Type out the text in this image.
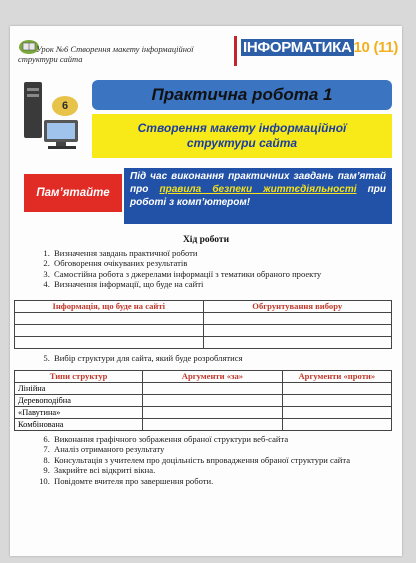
Урок №6 Створення макету інформаційної
структури сайта
ІНФОРМАТИКА 10 (11)
6
Практична робота 1
Створення макету інформаційної структури сайта
Пам’ятайте
Під час виконання практичних завдань пам’ятай про правила безпеки життєдіяльності при роботі з комп’ютером!
Хід роботи
1. Визначення завдань практичної роботи
2. Обговорення очікуваних результатів
3. Самостійна робота з джерелами інформації з тематики обраного проекту
4. Визначення інформації, що буде на сайті
Інформація, що буде на сайті	Обгрунтування вибору

5. Вибір структури для сайта, який буде розроблятися
Типи структур	Аргументи «за»	Аргументи «проти»
Лінійна		
Деревоподібна		
«Павутина»		
Комбінована		
6. Виконання графічного зображення обраної структури веб-сайта
7. Аналіз отриманого результату
8. Консультація з учителем про доцільність впровадження обраної структури сайта
9. Закрийте всі відкриті вікна.
10. Повідомте вчителя про завершення роботи.
